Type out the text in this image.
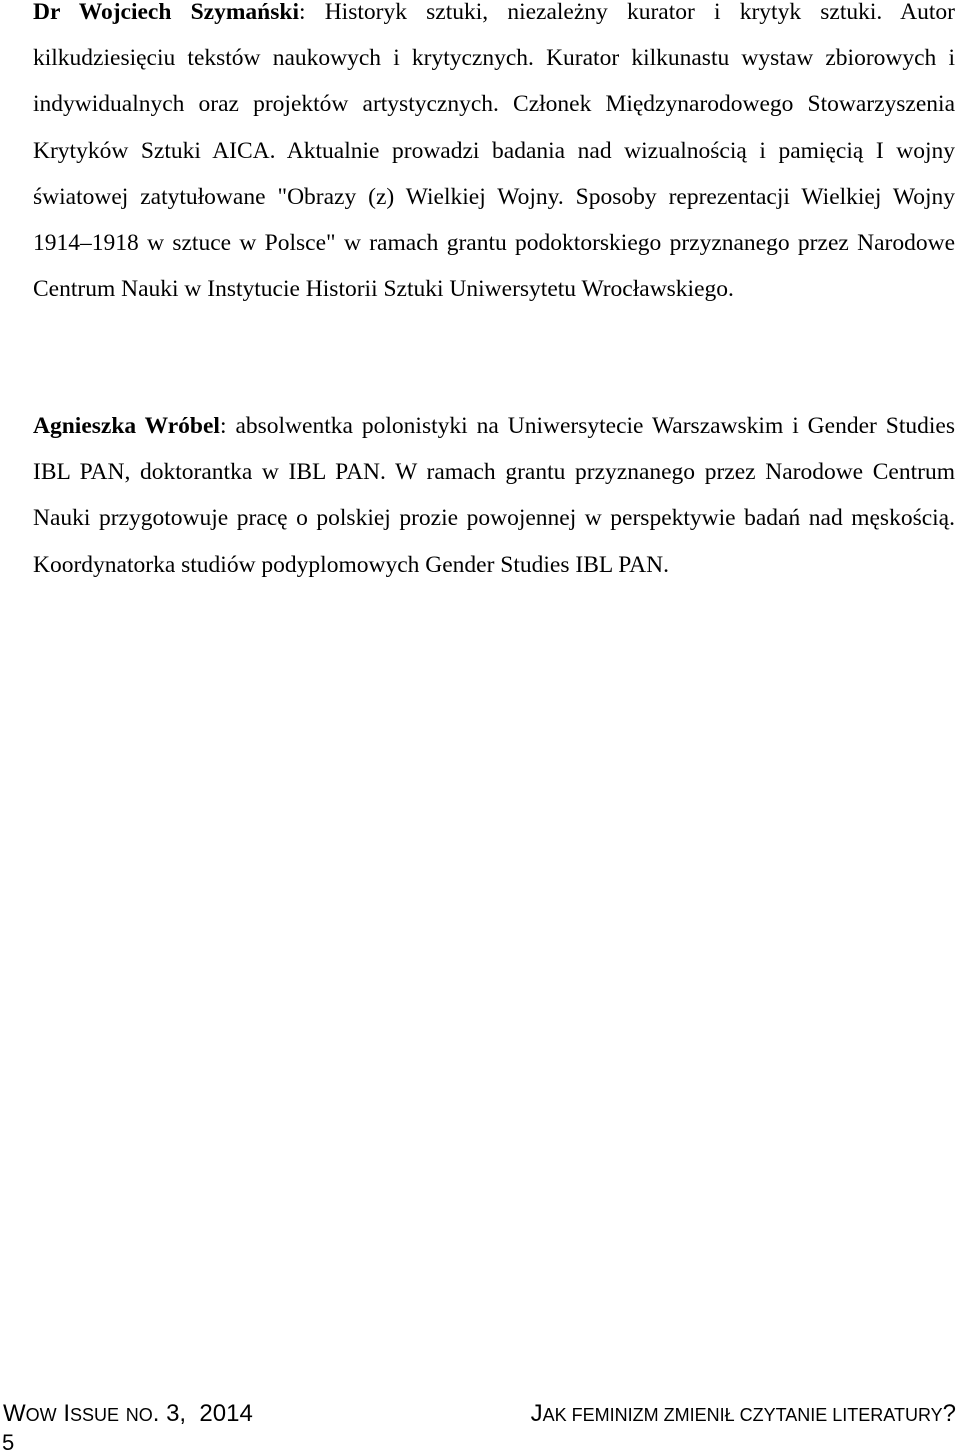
Dr Wojciech Szymański: Historyk sztuki, niezależny kurator i krytyk sztuki. Autor kilkudziesięciu tekstów naukowych i krytycznych. Kurator kilkunastu wystaw zbiorowych i indywidualnych oraz projektów artystycznych. Członek Międzynarodowego Stowarzyszenia Krytyków Sztuki AICA. Aktualnie prowadzi badania nad wizualnością i pamięcią I wojny światowej zatytułowane "Obrazy (z) Wielkiej Wojny. Sposoby reprezentacji Wielkiej Wojny 1914–1918 w sztuce w Polsce" w ramach grantu podoktorskiego przyznanego przez Narodowe Centrum Nauki w Instytucie Historii Sztuki Uniwersytetu Wrocławskiego.

Agnieszka Wróbel: absolwentka polonistyki na Uniwersytecie Warszawskim i Gender Studies IBL PAN, doktorantka w IBL PAN. W ramach grantu przyznanego przez Narodowe Centrum Nauki przygotowuje pracę o polskiej prozie powojennej w perspektywie badań nad męskością. Koordynatorka studiów podyplomowych Gender Studies IBL PAN.

WOW ISSUE NO. 3, 2014	JAK FEMINIZM ZMIENIŁ CZYTANIE LITERATURY?
5
